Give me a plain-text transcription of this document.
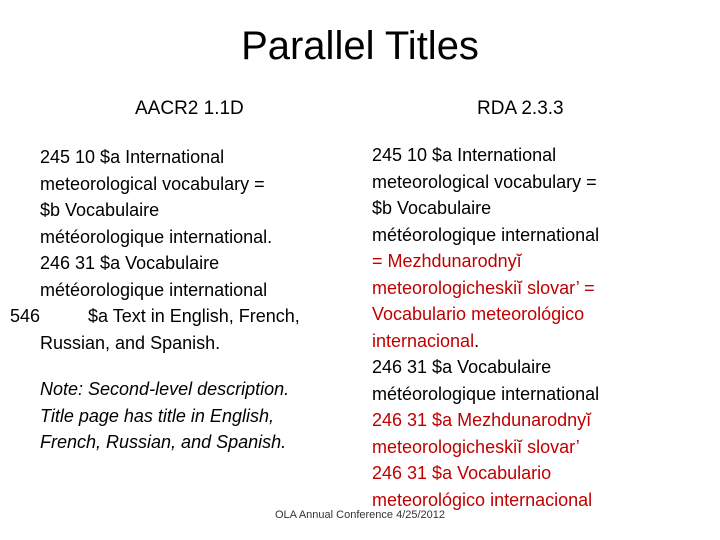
Parallel Titles
AACR2 1.1D	RDA 2.3.3
245 10 $a International
meteorological vocabulary =
$b Vocabulaire
météorologique international.
246 31 $a Vocabulaire
météorologique international
546	$a Text in English, French,
Russian, and Spanish.
Note: Second-level description.
Title page has title in English,
French, Russian, and Spanish.
245 10 $a International
meteorological vocabulary =
$b Vocabulaire
météorologique international
= Mezhdunarodnyĭ
meteorologicheskiĭ slovar’ =
Vocabulario meteorológico
internacional.
246 31 $a Vocabulaire
météorologique international
246 31 $a Mezhdunarodnyĭ
meteorologicheskiĭ slovar’
246 31 $a Vocabulario
meteorológico internacional
OLA Annual Conference 4/25/2012
